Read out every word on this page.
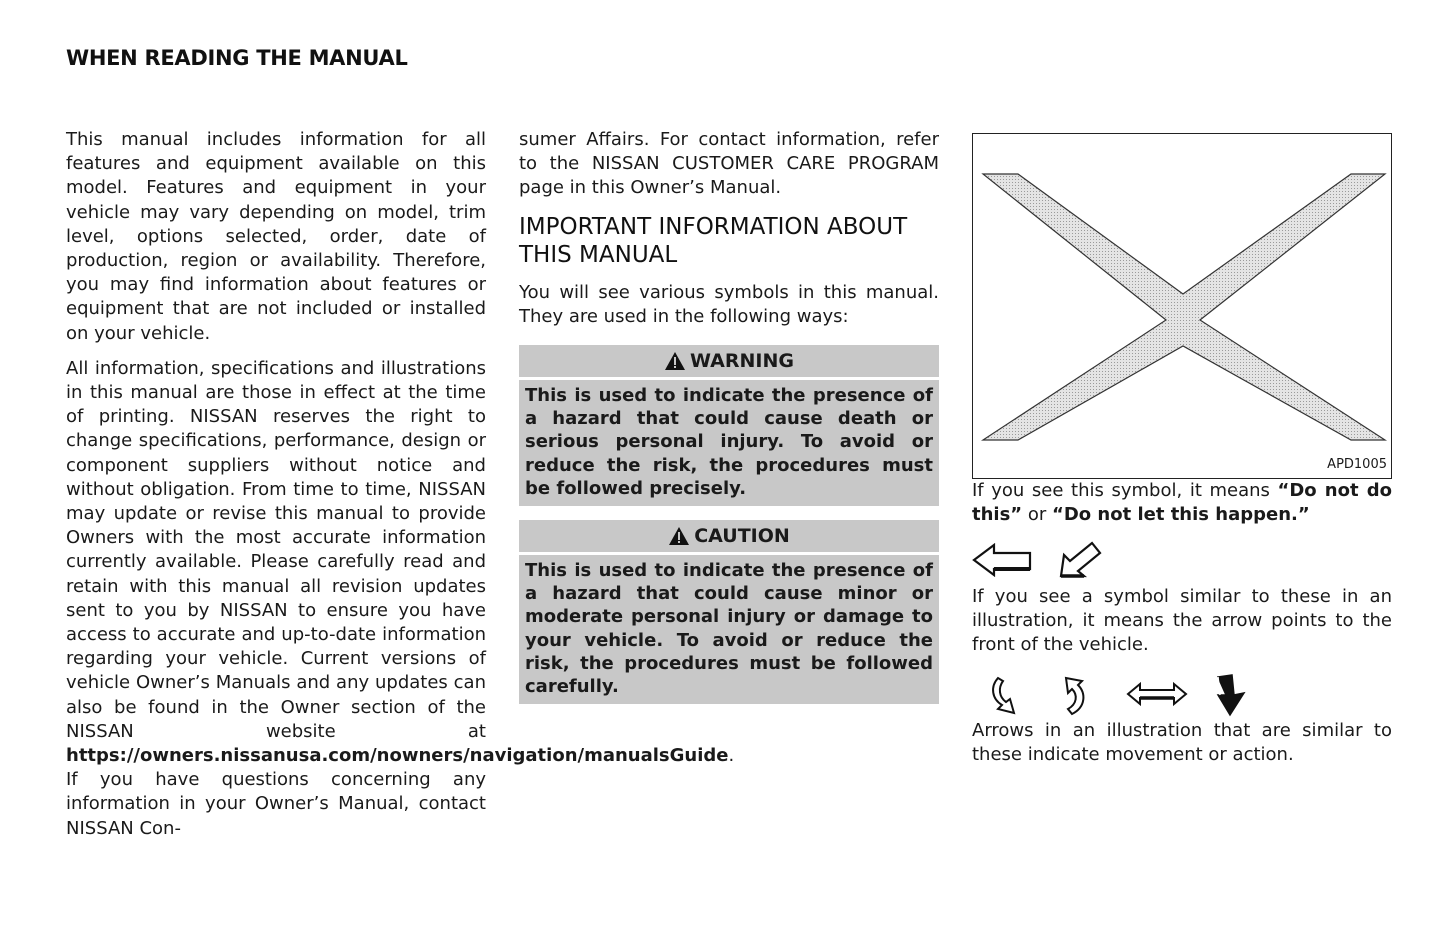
WHEN READING THE MANUAL

This manual includes information for all features and equipment available on this model. Features and equipment in your vehicle may vary depending on model, trim level, options selected, order, date of production, region or availability. Therefore, you may find information about features or equipment that are not included or installed on your vehicle.

All information, specifications and illustrations in this manual are those in effect at the time of printing. NISSAN reserves the right to change specifications, performance, design or component suppliers without notice and without obligation. From time to time, NISSAN may update or revise this manual to provide Owners with the most accurate information currently available. Please carefully read and retain with this manual all revision updates sent to you by NISSAN to ensure you have access to accurate and up-to-date information regarding your vehicle. Current versions of vehicle Owner’s Manuals and any updates can also be found in the Owner section of the NISSAN website at https://owners.nissanusa.com/nowners/navigation/manualsGuide. If you have questions concerning any information in your Owner’s Manual, contact NISSAN Con-

sumer Affairs. For contact information, refer to the NISSAN CUSTOMER CARE PROGRAM page in this Owner’s Manual.

IMPORTANT INFORMATION ABOUT THIS MANUAL

You will see various symbols in this manual. They are used in the following ways:

WARNING
This is used to indicate the presence of a hazard that could cause death or serious personal injury. To avoid or reduce the risk, the procedures must be followed precisely.
CAUTION
This is used to indicate the presence of a hazard that could cause minor or moderate personal injury or damage to your vehicle. To avoid or reduce the risk, the procedures must be followed carefully.
APD1005

If you see this symbol, it means “Do not do this” or “Do not let this happen.”

If you see a symbol similar to these in an illustration, it means the arrow points to the front of the vehicle.

Arrows in an illustration that are similar to these indicate movement or action.
